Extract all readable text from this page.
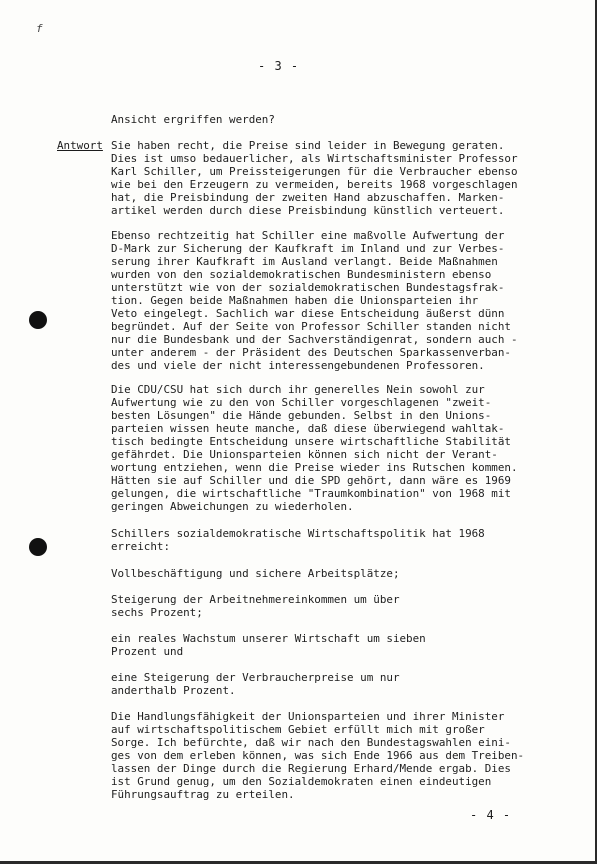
f
- 3 -
Ansicht ergriffen werden?
Antwort Sie haben recht, die Preise sind leider in Bewegung geraten.
Dies ist umso bedauerlicher, als Wirtschaftsminister Professor
Karl Schiller, um Preissteigerungen für die Verbraucher ebenso
wie bei den Erzeugern zu vermeiden, bereits 1968 vorgeschlagen
hat, die Preisbindung der zweiten Hand abzuschaffen. Marken-
artikel werden durch diese Preisbindung künstlich verteuert.
Ebenso rechtzeitig hat Schiller eine maßvolle Aufwertung der
D-Mark zur Sicherung der Kaufkraft im Inland und zur Verbes-
serung ihrer Kaufkraft im Ausland verlangt. Beide Maßnahmen
wurden von den sozialdemokratischen Bundesministern ebenso
unterstützt wie von der sozialdemokratischen Bundestagsfrak-
tion. Gegen beide Maßnahmen haben die Unionsparteien ihr
Veto eingelegt. Sachlich war diese Entscheidung äußerst dünn
begründet. Auf der Seite von Professor Schiller standen nicht
nur die Bundesbank und der Sachverständigenrat, sondern auch -
unter anderem - der Präsident des Deutschen Sparkassenverban-
des und viele der nicht interessengebundenen Professoren.
Die CDU/CSU hat sich durch ihr generelles Nein sowohl zur
Aufwertung wie zu den von Schiller vorgeschlagenen "zweit-
besten Lösungen" die Hände gebunden. Selbst in den Unions-
parteien wissen heute manche, daß diese überwiegend wahltak-
tisch bedingte Entscheidung unsere wirtschaftliche Stabilität
gefährdet. Die Unionsparteien können sich nicht der Verant-
wortung entziehen, wenn die Preise wieder ins Rutschen kommen.
Hätten sie auf Schiller und die SPD gehört, dann wäre es 1969
gelungen, die wirtschaftliche "Traumkombination" von 1968 mit
geringen Abweichungen zu wiederholen.
Schillers sozialdemokratische Wirtschaftspolitik hat 1968
erreicht:
Vollbeschäftigung und sichere Arbeitsplätze;
Steigerung der Arbeitnehmereinkommen um über
sechs Prozent;
ein reales Wachstum unserer Wirtschaft um sieben
Prozent und
eine Steigerung der Verbraucherpreise um nur
anderthalb Prozent.
Die Handlungsfähigkeit der Unionsparteien und ihrer Minister
auf wirtschaftspolitischem Gebiet erfüllt mich mit großer
Sorge. Ich befürchte, daß wir nach den Bundestagswahlen eini-
ges von dem erleben können, was sich Ende 1966 aus dem Treiben-
lassen der Dinge durch die Regierung Erhard/Mende ergab. Dies
ist Grund genug, um den Sozialdemokraten einen eindeutigen
Führungsauftrag zu erteilen.
- 4 -
